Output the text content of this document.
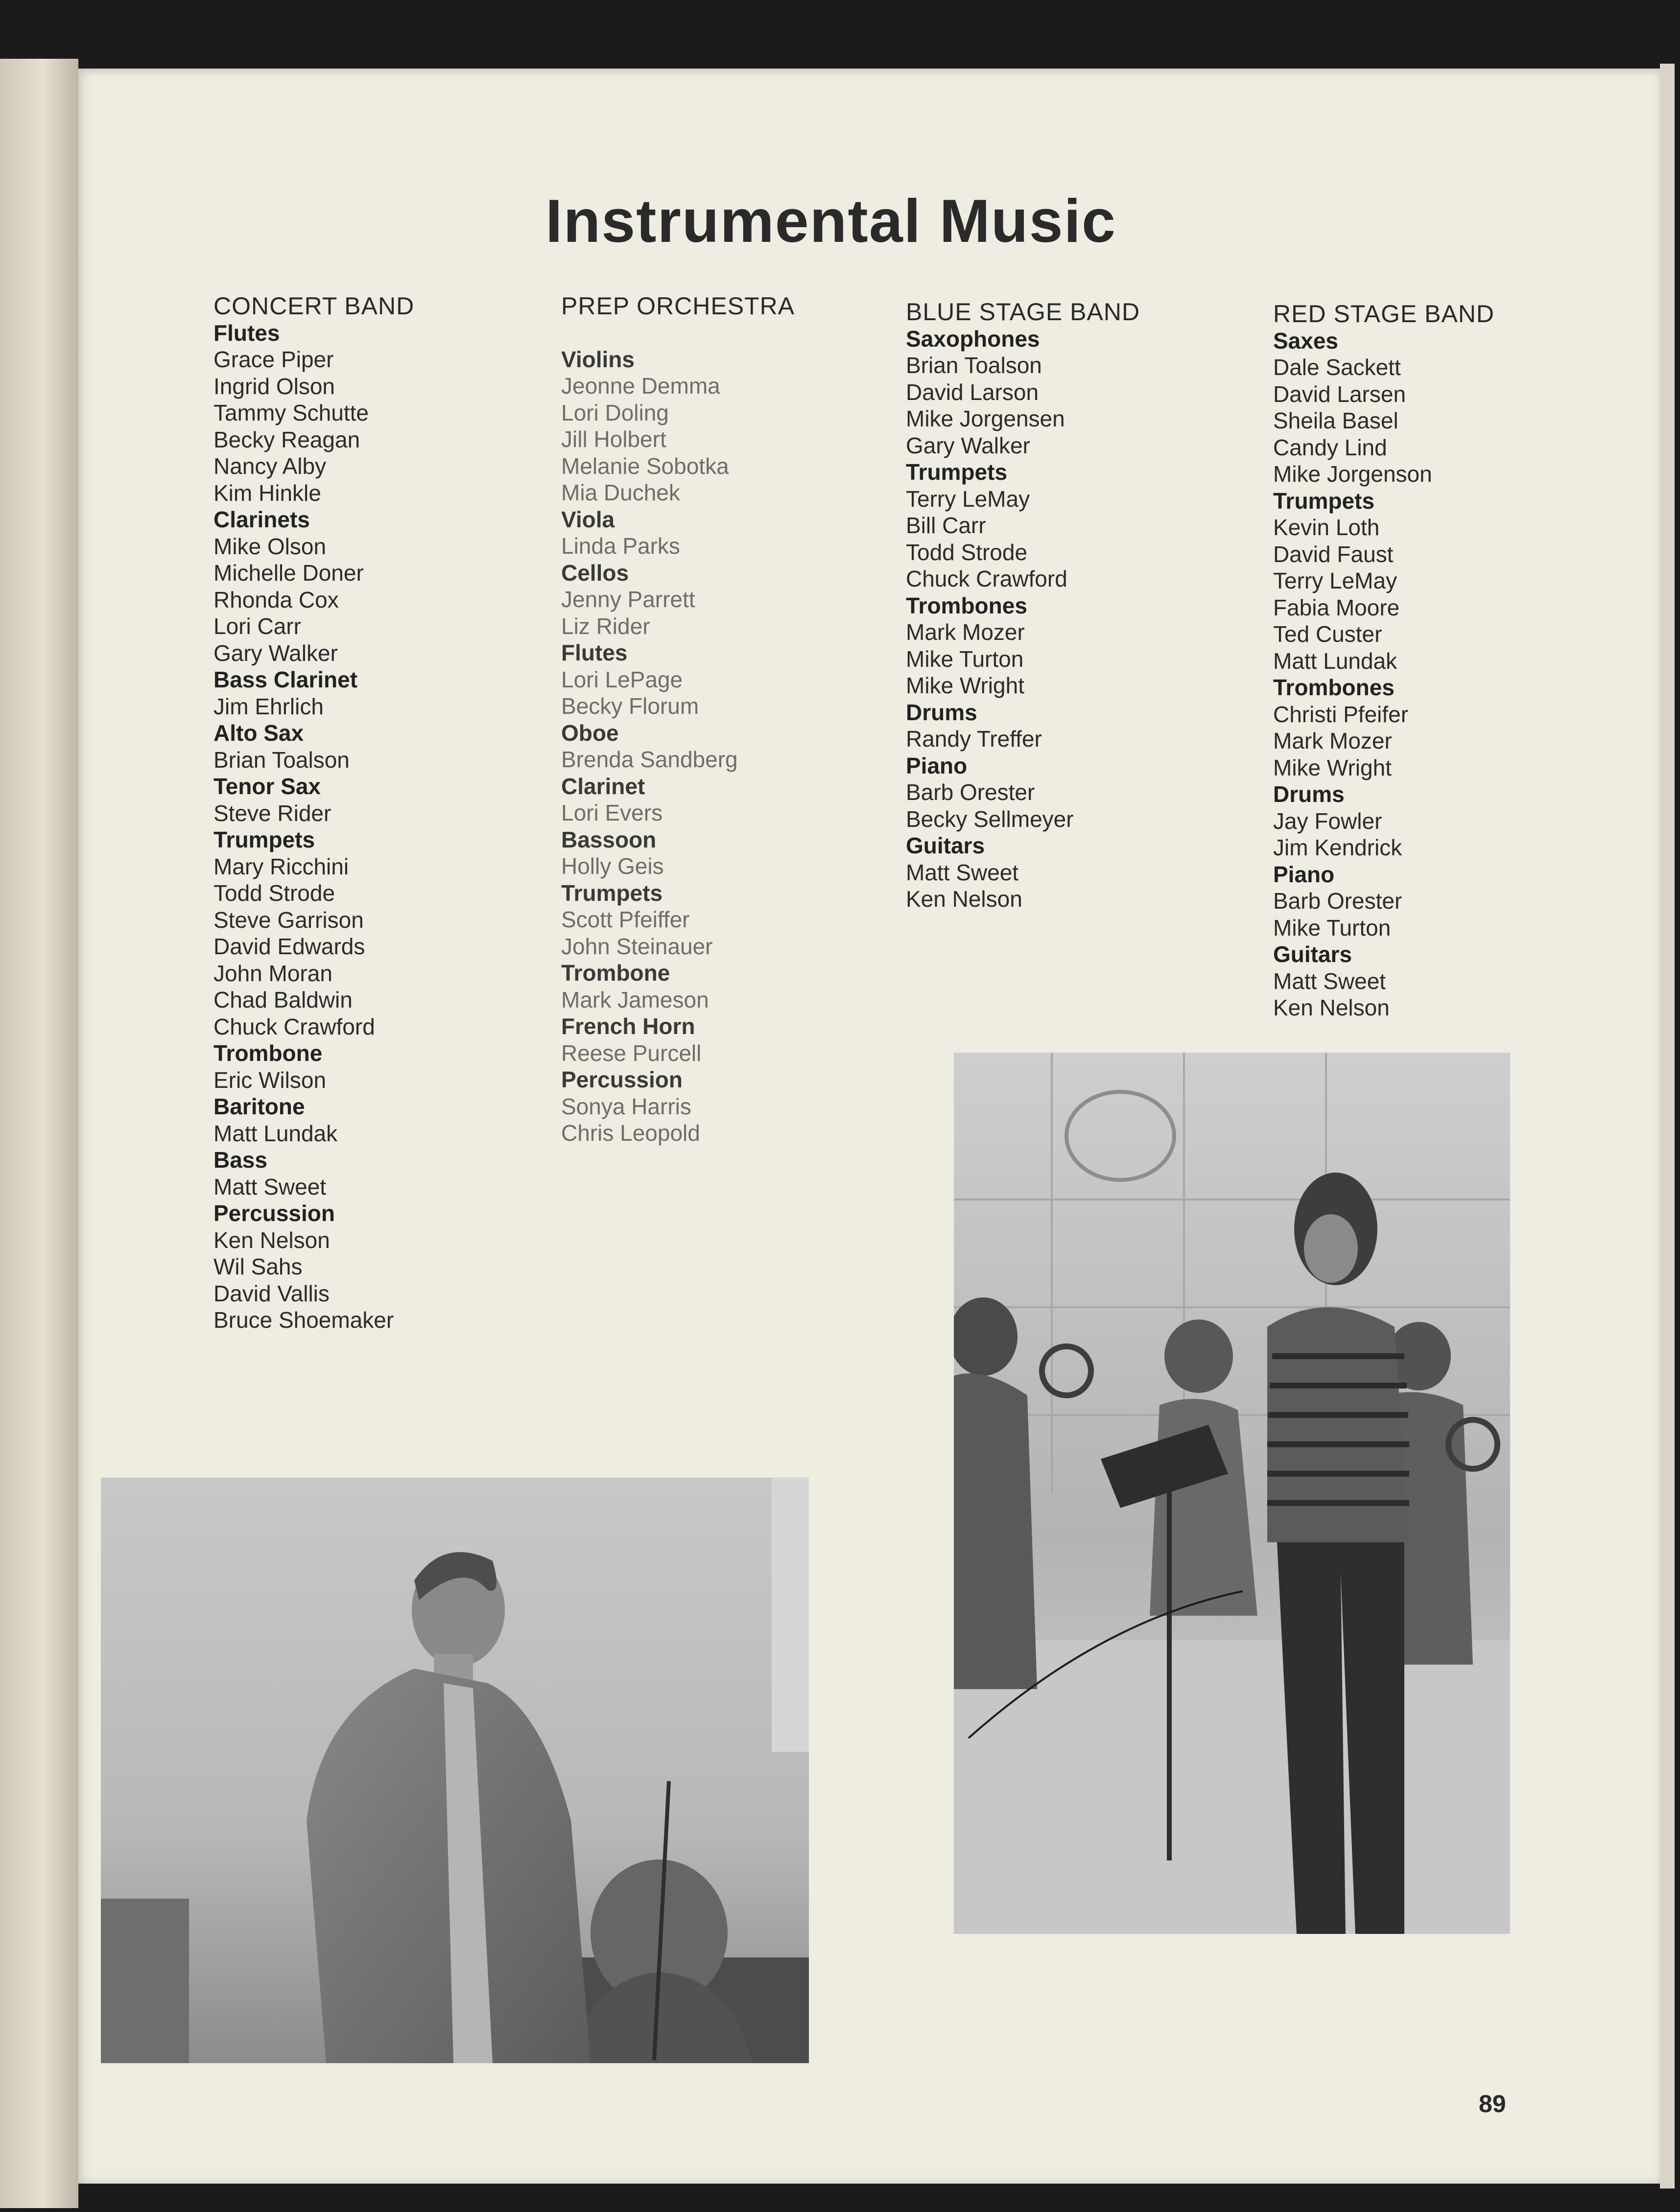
Instrumental Music
CONCERT BAND
Flutes
Grace Piper
Ingrid Olson
Tammy Schutte
Becky Reagan
Nancy Alby
Kim Hinkle
Clarinets
Mike Olson
Michelle Doner
Rhonda Cox
Lori Carr
Gary Walker
Bass Clarinet
Jim Ehrlich
Alto Sax
Brian Toalson
Tenor Sax
Steve Rider
Trumpets
Mary Ricchini
Todd Strode
Steve Garrison
David Edwards
John Moran
Chad Baldwin
Chuck Crawford
Trombone
Eric Wilson
Baritone
Matt Lundak
Bass
Matt Sweet
Percussion
Ken Nelson
Wil Sahs
David Vallis
Bruce Shoemaker
PREP ORCHESTRA
Violins
Jeonne Demma
Lori Doling
Jill Holbert
Melanie Sobotka
Mia Duchek
Viola
Linda Parks
Cellos
Jenny Parrett
Liz Rider
Flutes
Lori LePage
Becky Florum
Oboe
Brenda Sandberg
Clarinet
Lori Evers
Bassoon
Holly Geis
Trumpets
Scott Pfeiffer
John Steinauer
Trombone
Mark Jameson
French Horn
Reese Purcell
Percussion
Sonya Harris
Chris Leopold
BLUE STAGE BAND
Saxophones
Brian Toalson
David Larson
Mike Jorgensen
Gary Walker
Trumpets
Terry LeMay
Bill Carr
Todd Strode
Chuck Crawford
Trombones
Mark Mozer
Mike Turton
Mike Wright
Drums
Randy Treffer
Piano
Barb Orester
Becky Sellmeyer
Guitars
Matt Sweet
Ken Nelson
RED STAGE BAND
Saxes
Dale Sackett
David Larsen
Sheila Basel
Candy Lind
Mike Jorgenson
Trumpets
Kevin Loth
David Faust
Terry LeMay
Fabia Moore
Ted Custer
Matt Lundak
Trombones
Christi Pfeifer
Mark Mozer
Mike Wright
Drums
Jay Fowler
Jim Kendrick
Piano
Barb Orester
Mike Turton
Guitars
Matt Sweet
Ken Nelson
89
